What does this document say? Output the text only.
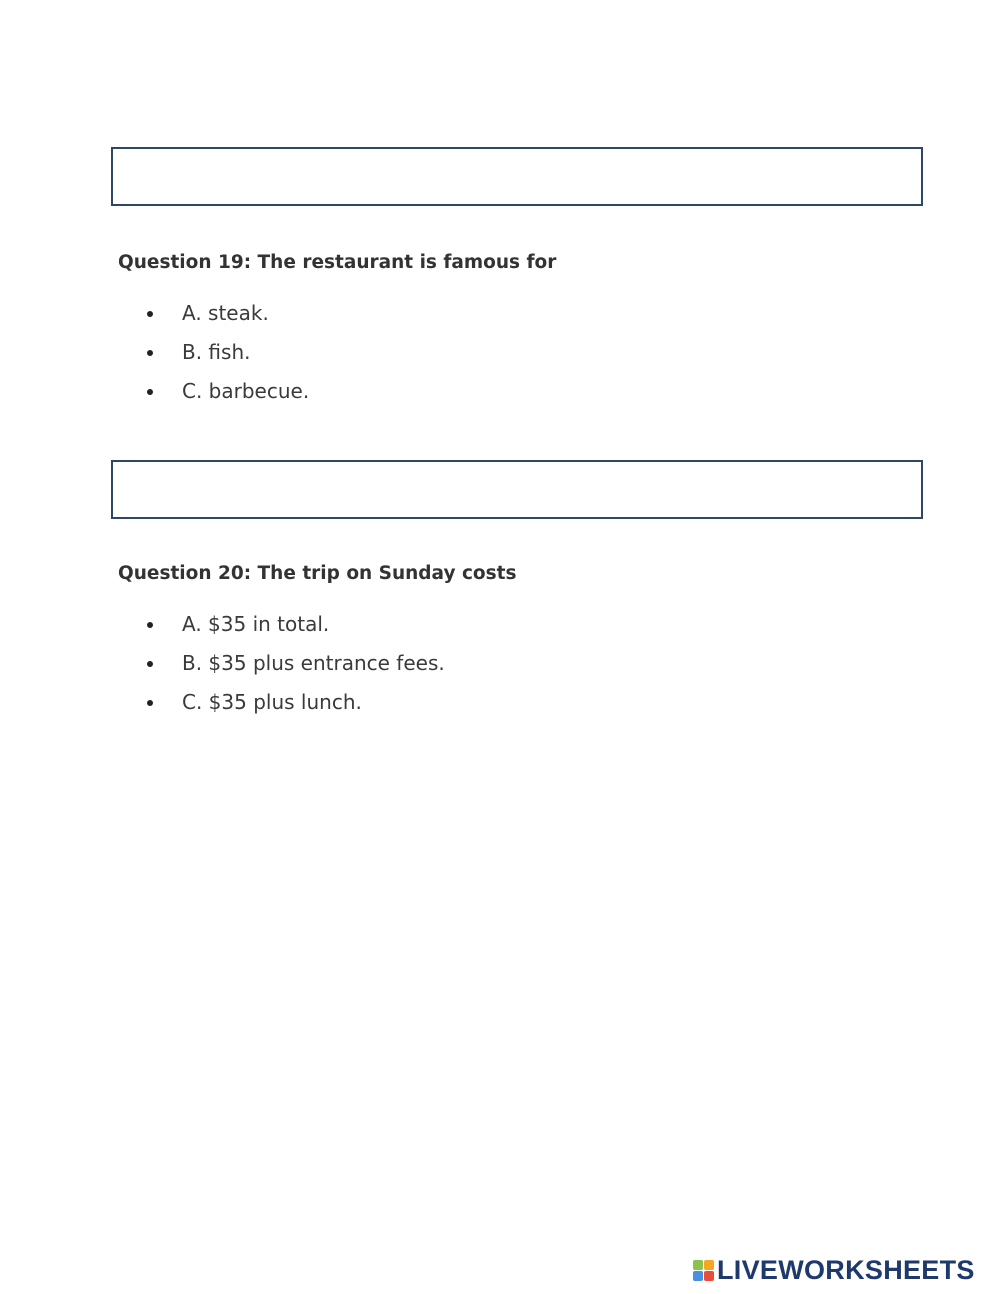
Question 19: The restaurant is famous for

A. steak.
B. fish.
C. barbecue.

Question 20: The trip on Sunday costs

A. $35 in total.
B. $35 plus entrance fees.
C. $35 plus lunch.
LIVEWORKSHEETS
